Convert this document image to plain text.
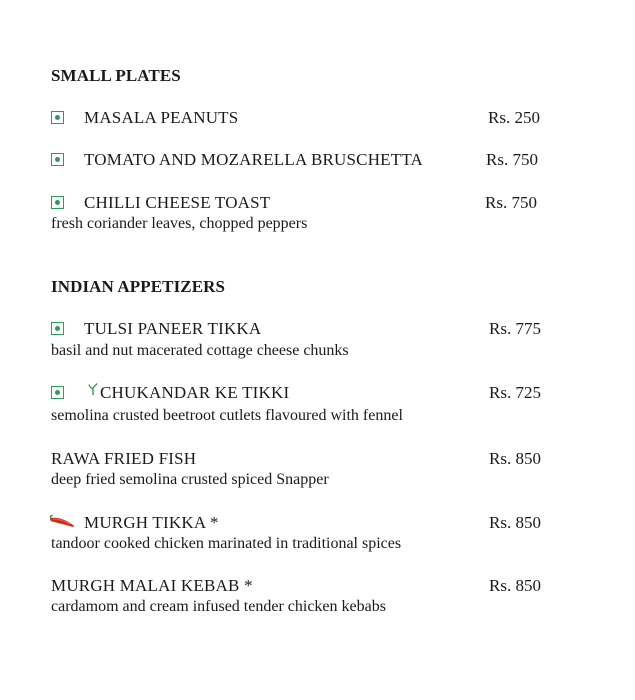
SMALL PLATES
MASALA PEANUTS	Rs. 250
TOMATO AND MOZARELLA BRUSCHETTA	Rs. 750
CHILLI CHEESE TOAST	Rs. 750
fresh coriander leaves, chopped peppers
INDIAN APPETIZERS
TULSI PANEER TIKKA	Rs. 775
basil and nut macerated cottage cheese chunks
CHUKANDAR KE TIKKI	Rs. 725
semolina crusted beetroot cutlets flavoured with fennel
RAWA FRIED FISH	Rs. 850
deep fried semolina crusted spiced Snapper
MURGH TIKKA *	Rs. 850
tandoor cooked chicken marinated in traditional spices
MURGH MALAI KEBAB *	Rs. 850
cardamom and cream infused tender chicken kebabs
